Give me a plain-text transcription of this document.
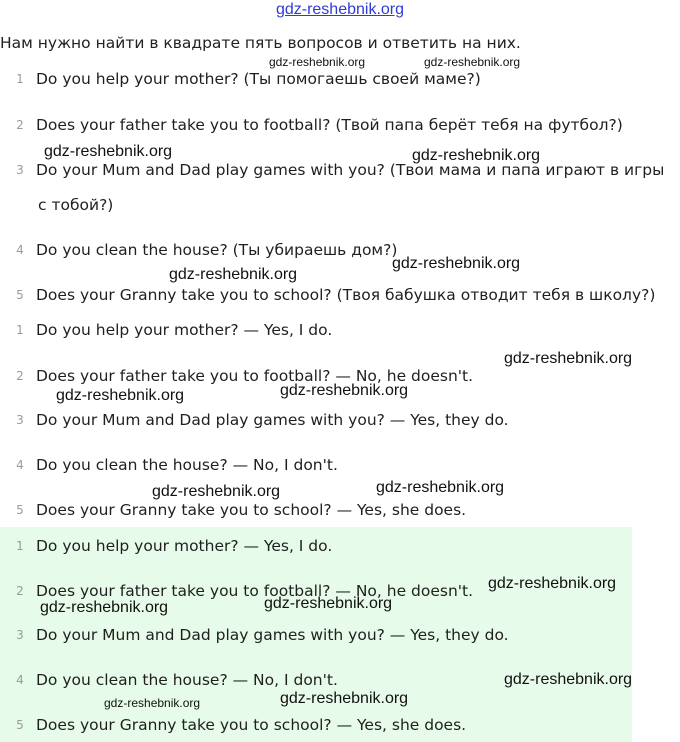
gdz-reshebnik.org
Нам нужно найти в квадрате пять вопросов и ответить на них.
1 Do you help your mother? (Ты помогаешь своей маме?)
2 Does your father take you to football? (Твой папа берёт тебя на футбол?)
3 Do your Mum and Dad play games with you? (Твои мама и папа играют в игры
с тобой?)
4 Do you clean the house? (Ты убираешь дом?)
5 Does your Granny take you to school? (Твоя бабушка отводит тебя в школу?)
1 Do you help your mother? — Yes, I do.
2 Does your father take you to football? — No, he doesn't.
3 Do your Mum and Dad play games with you? — Yes, they do.
4 Do you clean the house? — No, I don't.
5 Does your Granny take you to school? — Yes, she does.
1 Do you help your mother? — Yes, I do.
2 Does your father take you to football? — No, he doesn't.
3 Do your Mum and Dad play games with you? — Yes, they do.
4 Do you clean the house? — No, I don't.
5 Does your Granny take you to school? — Yes, she does.
gdz-reshebnik.org	gdz-reshebnik.org
gdz-reshebnik.org	gdz-reshebnik.org
gdz-reshebnik.org
gdz-reshebnik.org
gdz-reshebnik.org
gdz-reshebnik.org
gdz-reshebnik.org
gdz-reshebnik.org
gdz-reshebnik.org
gdz-reshebnik.org
gdz-reshebnik.org
gdz-reshebnik.org
gdz-reshebnik.org
gdz-reshebnik.org
gdz-reshebnik.org
